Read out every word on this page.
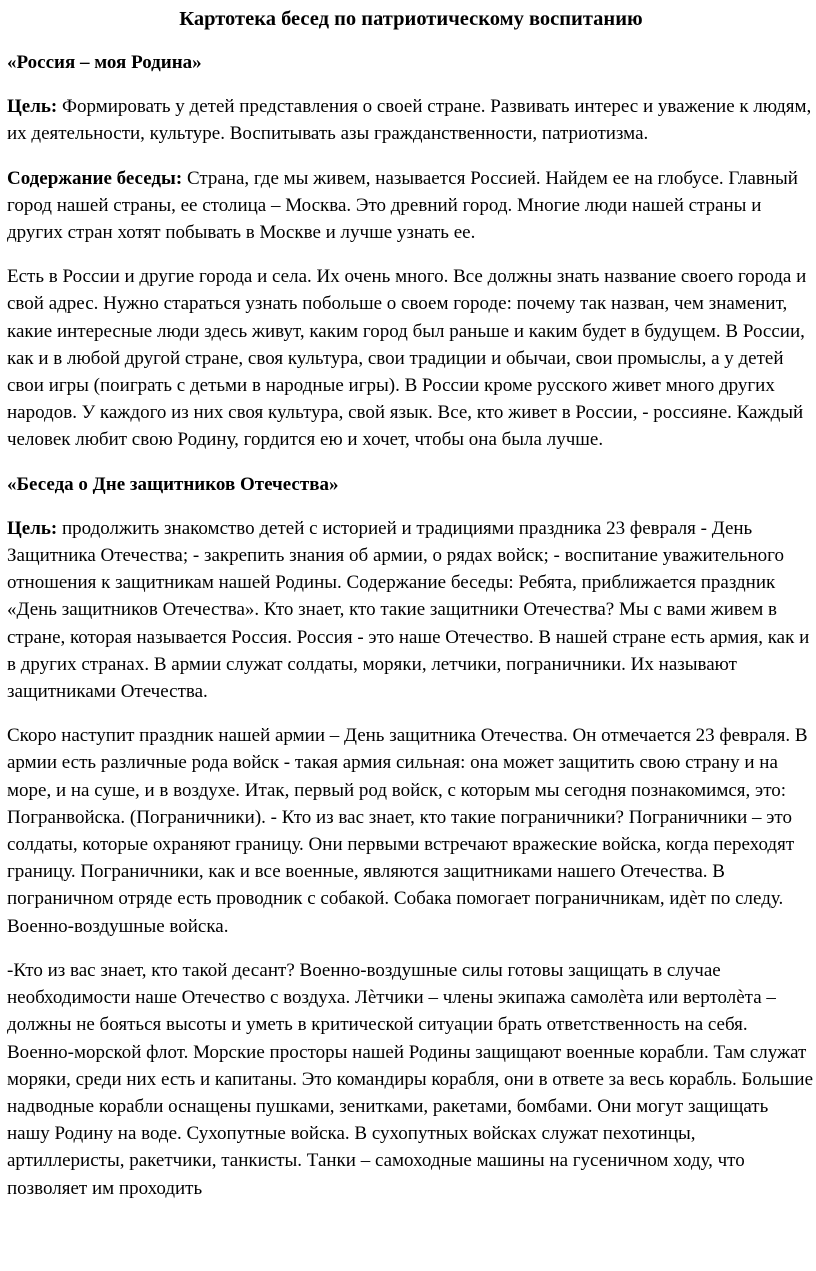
Картотека бесед по патриотическому воспитанию
«Россия – моя Родина»
Цель: Формировать у детей представления о своей стране. Развивать интерес и уважение к людям, их деятельности, культуре. Воспитывать азы гражданственности, патриотизма.
Содержание беседы: Страна, где мы живем, называется Россией. Найдем ее на глобусе. Главный город нашей страны, ее столица – Москва. Это древний город. Многие люди нашей страны и других стран хотят побывать в Москве и лучше узнать ее.
Есть в России и другие города и села. Их очень много. Все должны знать название своего города и свой адрес. Нужно стараться узнать побольше о своем городе: почему так назван, чем знаменит, какие интересные люди здесь живут, каким город был раньше и каким будет в будущем. В России, как и в любой другой стране, своя культура, свои традиции и обычаи, свои промыслы, а у детей свои игры (поиграть с детьми в народные игры). В России кроме русского живет много других народов. У каждого из них своя культура, свой язык. Все, кто живет в России, - россияне. Каждый человек любит свою Родину, гордится ею и хочет, чтобы она была лучше.
«Беседа о Дне защитников Отечества»
Цель: продолжить знакомство детей с историей и традициями праздника 23 февраля - День Защитника Отечества; - закрепить знания об армии, о рядах войск; - воспитание уважительного отношения к защитникам нашей Родины. Содержание беседы: Ребята, приближается праздник «День защитников Отечества». Кто знает, кто такие защитники Отечества? Мы с вами живем в стране, которая называется Россия. Россия - это наше Отечество. В нашей стране есть армия, как и в других странах. В армии служат солдаты, моряки, летчики, пограничники. Их называют защитниками Отечества.
Скоро наступит праздник нашей армии – День защитника Отечества. Он отмечается 23 февраля. В армии есть различные рода войск - такая армия сильная: она может защитить свою страну и на море, и на суше, и в воздухе. Итак, первый род войск, с которым мы сегодня познакомимся, это: Погранвойска. (Пограничники). - Кто из вас знает, кто такие пограничники? Пограничники – это солдаты, которые охраняют границу. Они первыми встречают вражеские войска, когда переходят границу. Пограничники, как и все военные, являются защитниками нашего Отечества. В пограничном отряде есть проводник с собакой. Собака помогает пограничникам, идѐт по следу. Военно-воздушные войска.
-Кто из вас знает, кто такой десант? Военно-воздушные силы готовы защищать в случае необходимости наше Отечество с воздуха. Лѐтчики – члены экипажа самолѐта или вертолѐта – должны не бояться высоты и уметь в критической ситуации брать ответственность на себя. Военно-морской флот. Морские просторы нашей Родины защищают военные корабли. Там служат моряки, среди них есть и капитаны. Это командиры корабля, они в ответе за весь корабль. Большие надводные корабли оснащены пушками, зенитками, ракетами, бомбами. Они могут защищать нашу Родину на воде. Сухопутные войска. В сухопутных войсках служат пехотинцы, артиллеристы, ракетчики, танкисты. Танки – самоходные машины на гусеничном ходу, что позволяет им проходить
